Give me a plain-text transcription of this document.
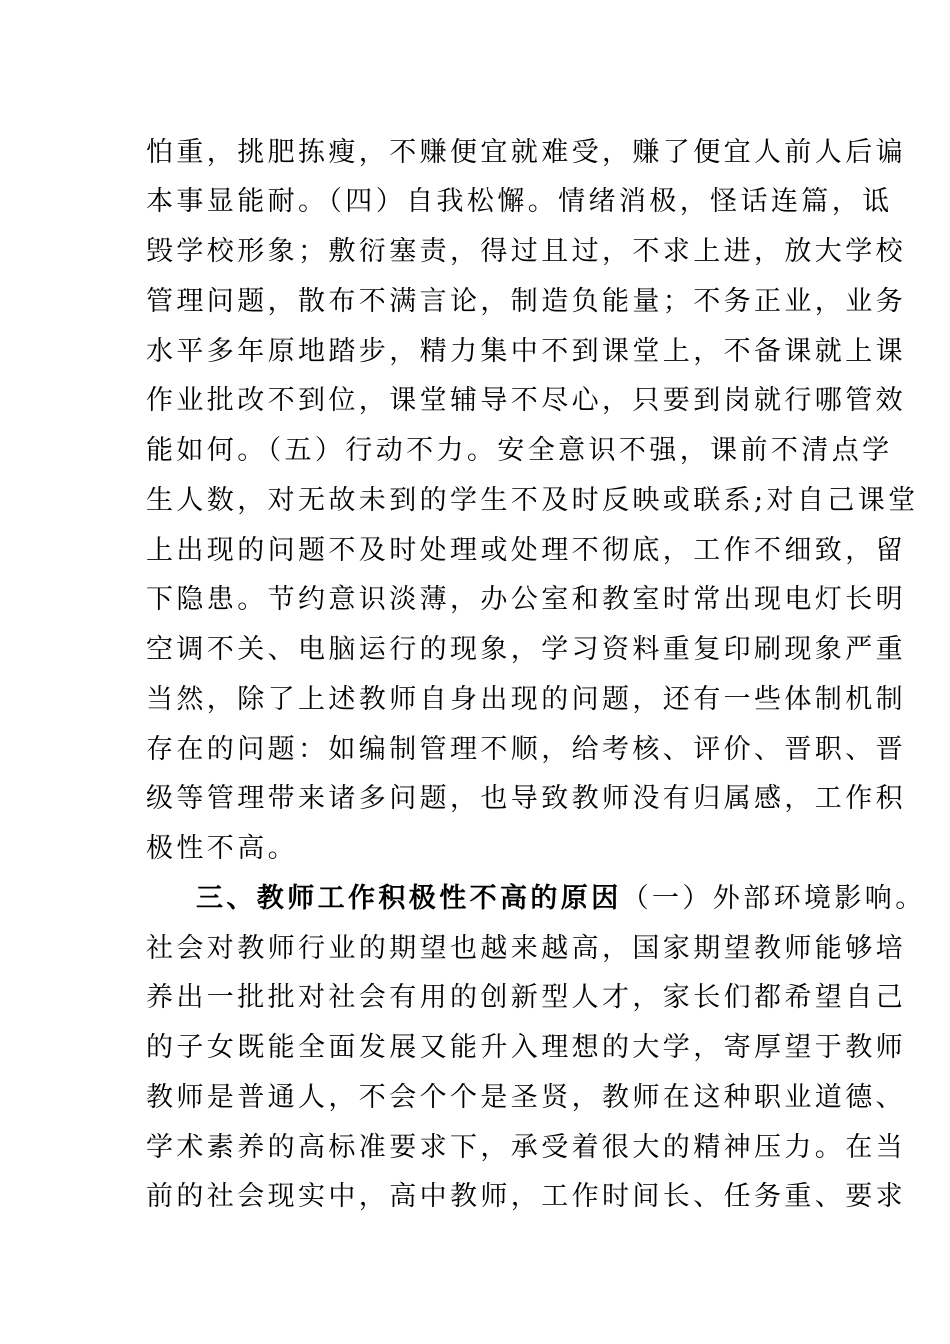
怕重，挑肥拣瘦，不赚便宜就难受，赚了便宜人前人后谝
本事显能耐。（四）自我松懈。情绪消极，怪话连篇，诋
毁学校形象；敷衍塞责，得过且过，不求上进，放大学校
管理问题，散布不满言论，制造负能量；不务正业，业务
水平多年原地踏步，精力集中不到课堂上，不备课就上课
作业批改不到位，课堂辅导不尽心，只要到岗就行哪管效
能如何。（五）行动不力。安全意识不强，课前不清点学
生人数，对无故未到的学生不及时反映或联系;对自己课堂
上出现的问题不及时处理或处理不彻底，工作不细致，留
下隐患。节约意识淡薄，办公室和教室时常出现电灯长明
空调不关、电脑运行的现象，学习资料重复印刷现象严重
当然，除了上述教师自身出现的问题，还有一些体制机制
存在的问题：如编制管理不顺，给考核、评价、晋职、晋
级等管理带来诸多问题，也导致教师没有归属感，工作积
极性不高。
三、教师工作积极性不高的原因（一）外部环境影响。
社会对教师行业的期望也越来越高，国家期望教师能够培
养出一批批对社会有用的创新型人才，家长们都希望自己
的子女既能全面发展又能升入理想的大学，寄厚望于教师
教师是普通人，不会个个是圣贤，教师在这种职业道德、
学术素养的高标准要求下，承受着很大的精神压力。在当
前的社会现实中，高中教师，工作时间长、任务重、要求
